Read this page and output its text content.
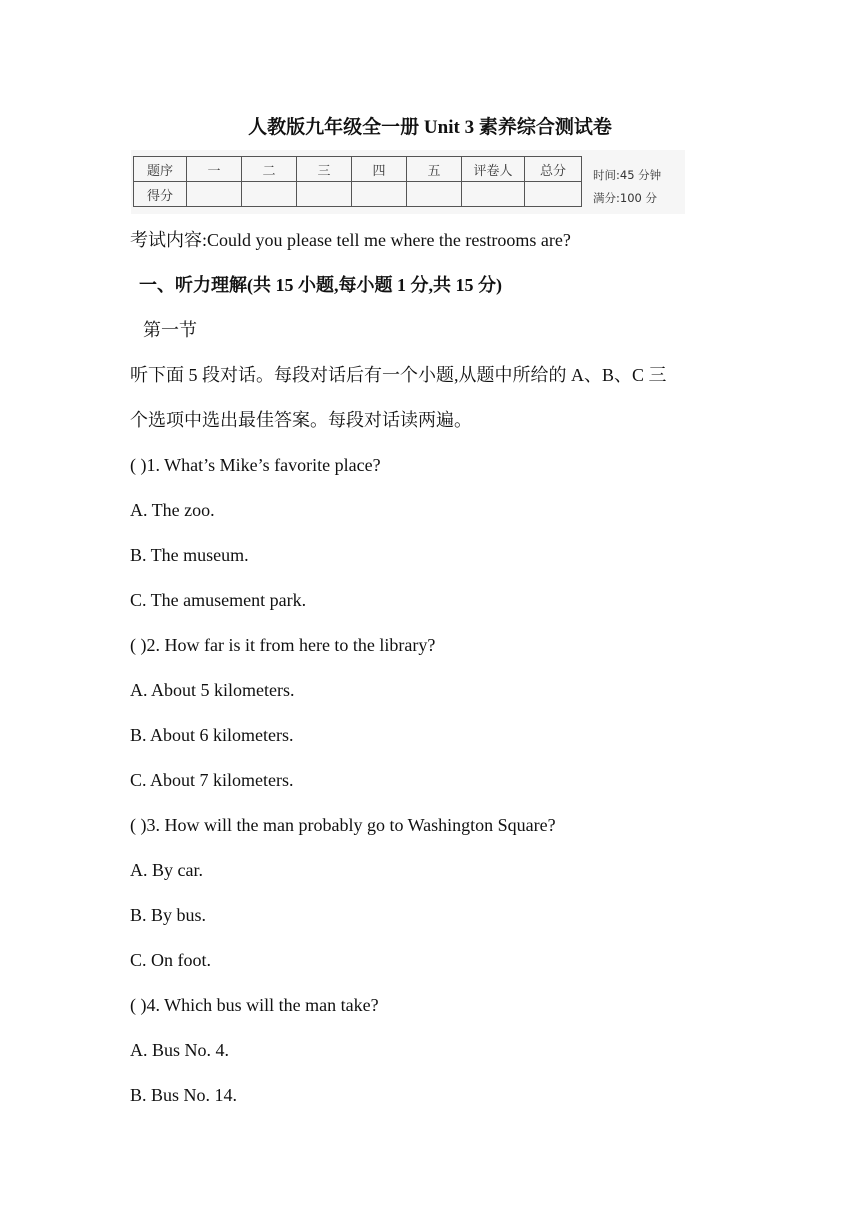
人教版九年级全一册 Unit 3 素养综合测试卷
题序	一	二	三	四	五	评卷人	总分
得分							
时间:45 分钟
满分:100 分
考试内容:Could you please tell me where the restrooms are?
一、听力理解(共 15 小题,每小题 1 分,共 15 分)
第一节
听下面 5 段对话。每段对话后有一个小题,从题中所给的 A、B、C 三
个选项中选出最佳答案。每段对话读两遍。
( )1. What’s Mike’s favorite place?
A. The zoo.
B. The museum.
C. The amusement park.
( )2. How far is it from here to the library?
A. About 5 kilometers.
B. About 6 kilometers.
C. About 7 kilometers.
( )3. How will the man probably go to Washington Square?
A. By car.
B. By bus.
C. On foot.
( )4. Which bus will the man take?
A. Bus No. 4.
B. Bus No. 14.
